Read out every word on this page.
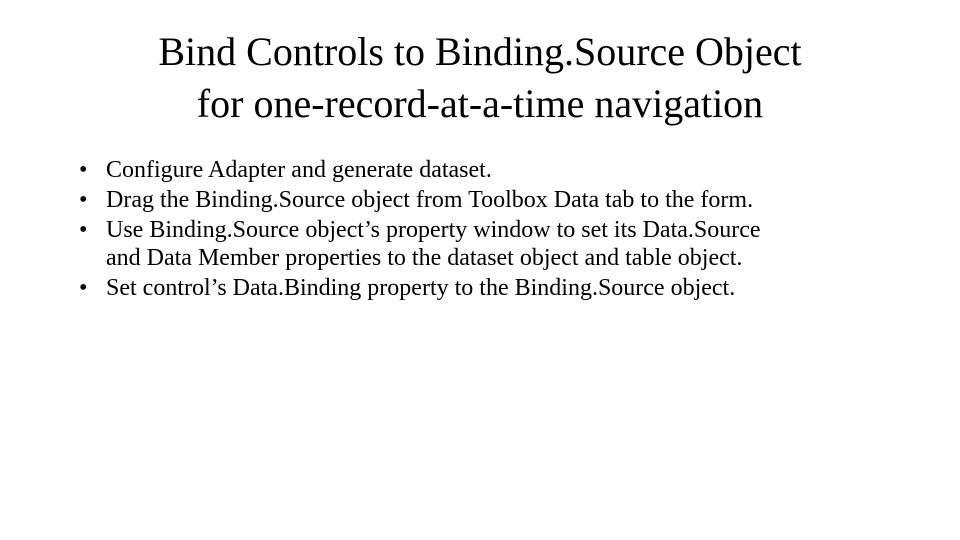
Bind Controls to Binding.Source Object
for one-record-at-a-time navigation
• Configure Adapter and generate dataset.
• Drag the Binding.Source object from Toolbox Data tab to the form.
• Use Binding.Source object’s property window to set its Data.Source
and Data Member properties to the dataset object and table object.
• Set control’s Data.Binding property to the Binding.Source object.
